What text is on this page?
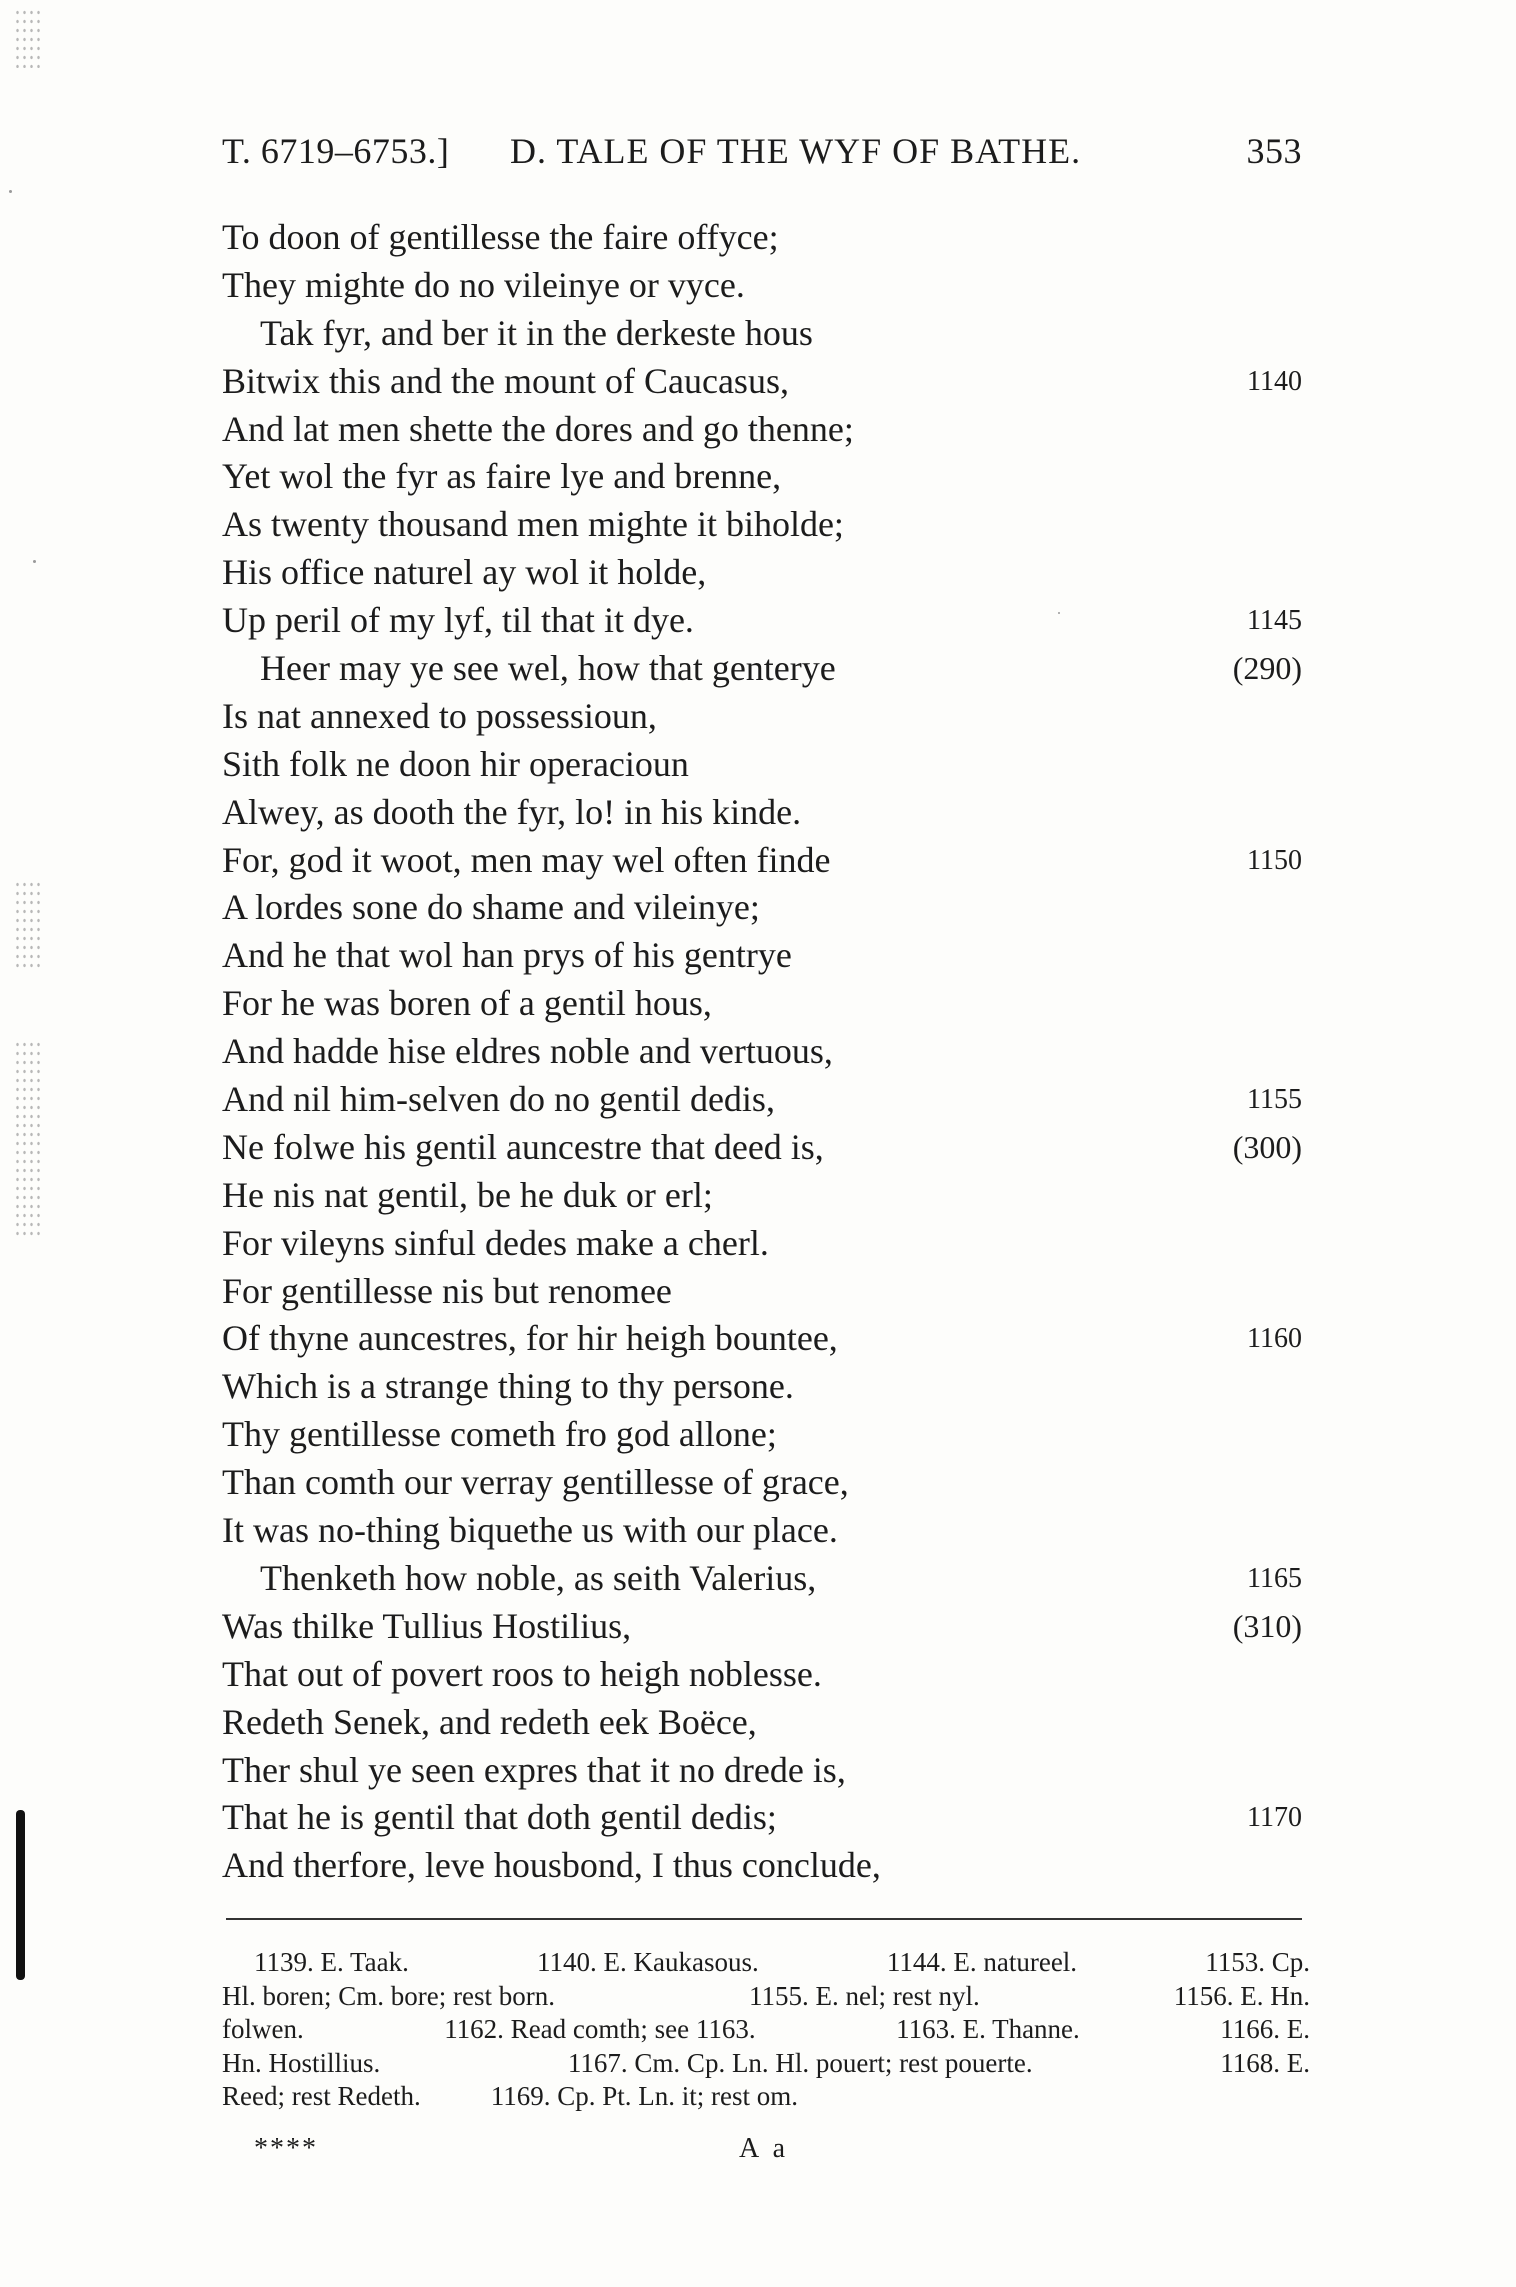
T. 6719–6753.] D. TALE OF THE WYF OF BATHE.	353
To doon of gentillesse the faire offyce;
They mighte do no vileinye or vyce.
Tak fyr, and ber it in the derkeste hous
Bitwix this and the mount of Caucasus,	1140
And lat men shette the dores and go thenne;
Yet wol the fyr as faire lye and brenne,
As twenty thousand men mighte it biholde;
His office naturel ay wol it holde,
Up peril of my lyf, til that it dye.	1145
Heer may ye see wel, how that genterye	(290)
Is nat annexed to possessioun,
Sith folk ne doon hir operacioun
Alwey, as dooth the fyr, lo! in his kinde.
For, god it woot, men may wel often finde	1150
A lordes sone do shame and vileinye;
And he that wol han prys of his gentrye
For he was boren of a gentil hous,
And hadde hise eldres noble and vertuous,
And nil him-selven do no gentil dedis,	1155
Ne folwe his gentil auncestre that deed is,	(300)
He nis nat gentil, be he duk or erl;
For vileyns sinful dedes make a cherl.
For gentillesse nis but renomee
Of thyne auncestres, for hir heigh bountee,	1160
Which is a strange thing to thy persone.
Thy gentillesse cometh fro god allone;
Than comth our verray gentillesse of grace,
It was no-thing biquethe us with our place.
Thenketh how noble, as seith Valerius,	1165
Was thilke Tullius Hostilius,	(310)
That out of povert roos to heigh noblesse.
Redeth Senek, and redeth eek Boëce,
Ther shul ye seen expres that it no drede is,
That he is gentil that doth gentil dedis;	1170
And therfore, leve housbond, I thus conclude,
1139. E. Taak.	1140. E. Kaukasous.	1144. E. natureel.	1153. Cp.
Hl. boren; Cm. bore; rest born.	1155. E. nel; rest nyl.	1156. E. Hn.
folwen.	1162. Read comth; see 1163.	1163. E. Thanne.	1166. E.
Hn. Hostillius.	1167. Cm. Cp. Ln. Hl. pouert; rest pouerte.	1168. E.
Reed; rest Redeth.	1169. Cp. Pt. Ln. it; rest om.
****	A a
